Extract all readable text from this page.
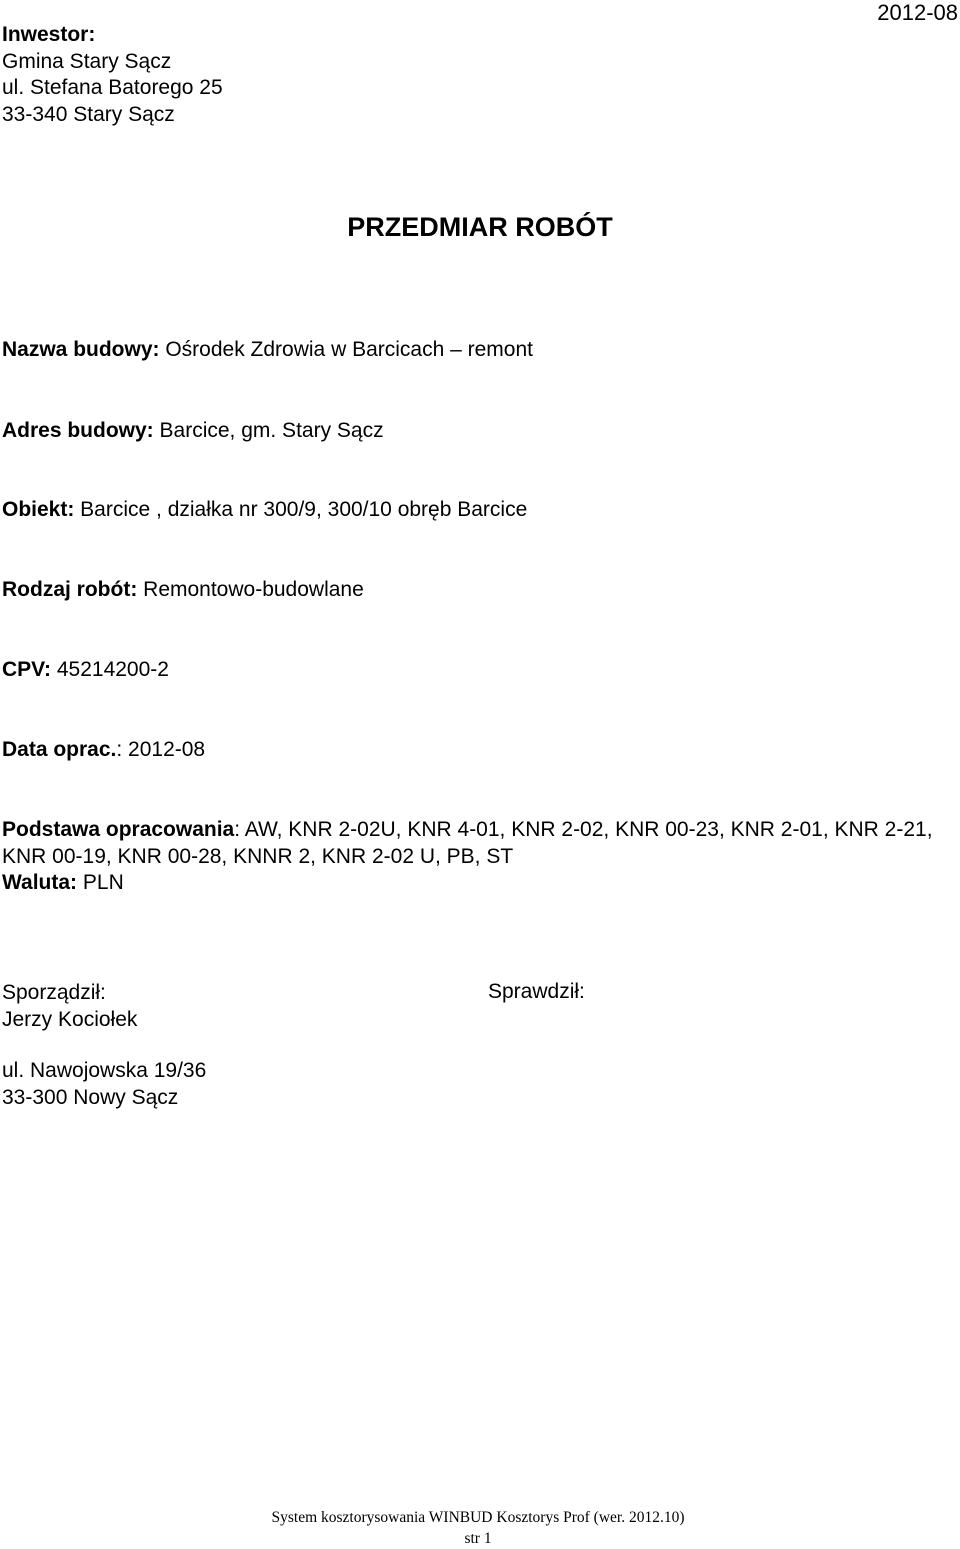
Inwestor:
Gmina Stary Sącz
ul. Stefana Batorego 25
33-340 Stary Sącz
2012-08
PRZEDMIAR ROBÓT
Nazwa budowy: Ośrodek Zdrowia w Barcicach – remont
Adres budowy: Barcice, gm. Stary Sącz
Obiekt: Barcice , działka nr 300/9, 300/10 obręb Barcice
Rodzaj robót: Remontowo-budowlane
CPV: 45214200-2
Data oprac.: 2012-08
Podstawa opracowania: AW, KNR 2-02U, KNR 4-01, KNR 2-02, KNR 00-23, KNR 2-01, KNR 2-21, KNR 00-19, KNR 00-28, KNNR 2, KNR 2-02 U, PB, ST
Waluta: PLN
Sporządził:
Jerzy Kociołek
Sprawdził:
ul. Nawojowska 19/36
33-300 Nowy Sącz
System kosztorysowania WINBUD Kosztorys Prof (wer. 2012.10)
str 1
